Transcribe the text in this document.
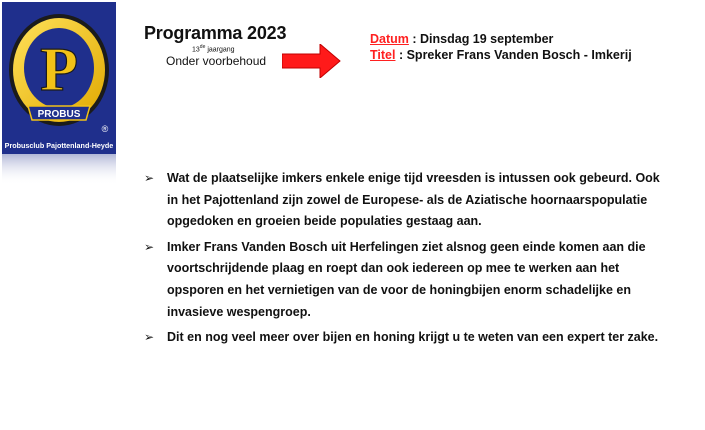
P
PROBUS
®
Probusclub Pajottenland-Heyde
Programma 2023
13de jaargang
Onder voorbehoud
Datum : Dinsdag 19 september
Titel : Spreker Frans Vanden Bosch - Imkerij
➢ Wat de plaatselijke imkers enkele enige tijd vreesden is intussen ook gebeurd. Ook in het Pajottenland zijn zowel de Europese- als de Aziatische hoornaarspopulatie opgedoken en groeien beide populaties gestaag aan.
➢ Imker Frans Vanden Bosch uit Herfelingen ziet alsnog geen einde komen aan die voortschrijdende plaag en roept dan ook iedereen op mee te werken aan het opsporen en het vernietigen van de voor de honingbijen enorm schadelijke en invasieve wespengroep.
➢ Dit en nog veel meer over bijen en honing krijgt u te weten van een expert ter zake.
